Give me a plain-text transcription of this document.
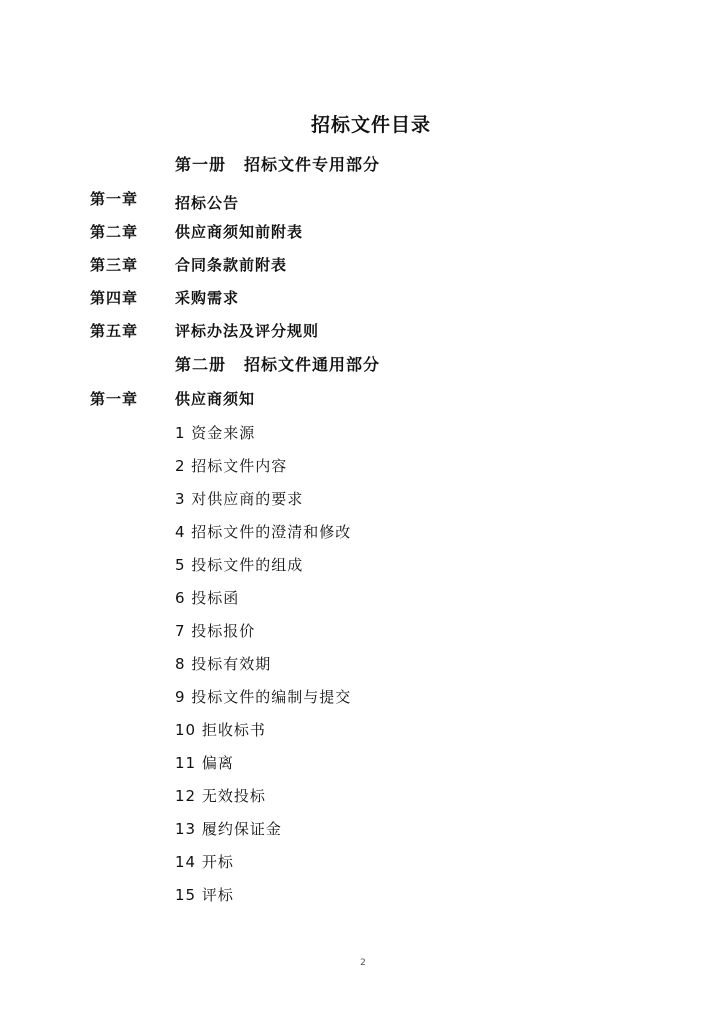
招标文件目录
第一册 招标文件专用部分
第一章 招标公告
第二章 供应商须知前附表
第三章 合同条款前附表
第四章 采购需求
第五章 评标办法及评分规则
第二册 招标文件通用部分
第一章 供应商须知
1 资金来源
2 招标文件内容
3 对供应商的要求
4 招标文件的澄清和修改
5 投标文件的组成
6 投标函
7 投标报价
8 投标有效期
9 投标文件的编制与提交
10 拒收标书
11 偏离
12 无效投标
13 履约保证金
14 开标
15 评标
2
